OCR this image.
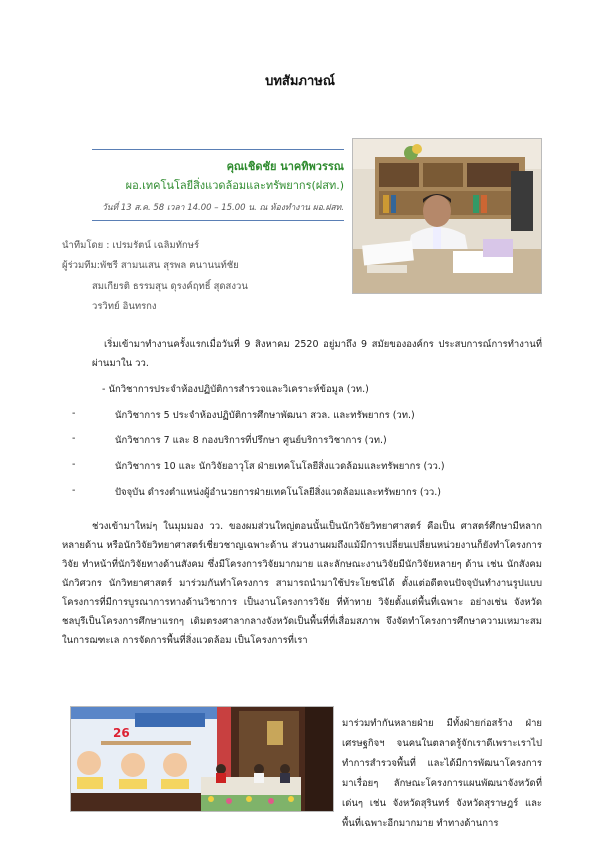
บทสัมภาษณ์
คุณเชิดชัย นาคทิพวรรณ
ผอ.เทคโนโลยีสิ่งแวดล้อมและทรัพยากร(ฝสท.)
วันที่ 13 ส.ค. 58 เวลา 14.00 – 15.00 น. ณ ห้องทำงาน ผอ.ฝสท.
นำทีมโดย : เปรมรัตน์ เฉลิมทักษร์
ผู้ร่วมทีม:พัชรี สามนเสน สุรพล ฅนานนท์ชัย
สมเกียรติ ธรรมสุน ดุรงค์ฤทธิ์ สุดสงวน
วรวิทย์ อินทรกง
เริ่มเข้ามาทำงานครั้งแรกเมื่อวันที่ 9 สิงหาคม 2520 อยู่มาถึง 9 สมัยขององค์กร ประสบการณ์การทำงานที่ผ่านมาใน วว.
- นักวิชาการประจำห้องปฏิบัติการสำรวจและวิเคราะห์ข้อมูล (วท.)
-	นักวิชาการ 5 ประจำห้องปฏิบัติการศึกษาพัฒนา สวล. และทรัพยากร (วท.)
-	นักวิชาการ 7 และ 8 กองบริการที่ปรึกษา ศูนย์บริการวิชาการ (วท.)
-	นักวิชาการ 10 และ นักวิจัยอาวุโส ฝ่ายเทคโนโลยีสิ่งแวดล้อมและทรัพยากร (วว.)
-	ปัจจุบัน ดำรงตำแหน่งผู้อำนวยการฝ่ายเทคโนโลยีสิ่งแวดล้อมและทรัพยากร (วว.)
ช่วงเข้ามาใหม่ๆ ในมุมมอง วว. ของผมส่วนใหญ่ตอนนั้นเป็นนักวิจัยวิทยาศาสตร์ คือเป็น ศาสตร์ศึกษามีหลากหลายด้าน หรือนักวิจัยวิทยาศาสตร์เชี่ยวชาญเฉพาะด้าน ส่วนงานผมถึงแม้มีการเปลี่ยนเปลี่ยนหน่วยงานก็ยังทำโครงการวิจัย ทำหน้าที่นักวิจัยทางด้านสังคม ซึ่งมีโครงการวิจัยมากมาย และลักษณะงานวิจัยมีนักวิจัยหลายๆ ด้าน เช่น นักสังคม นักวิศวกร นักวิทยาศาสตร์ มาร่วมกันทำโครงการ สามารถนำมาใช้ประโยชน์ได้ ตั้งแต่อดีตจนปัจจุบันทำงานรูปแบบโครงการที่มีการบูรณาการทางด้านวิชาการ เป็นงานโครงการวิจัย ที่ท้าทาย วิจัยตั้งแต่พื้นที่เฉพาะ อย่างเช่น จังหวัดชลบุรีเป็นโครงการศึกษาแรกๆ เดิมตรงศาลากลางจังหวัดเป็นพื้นที่ที่เสื่อมสภาพ จึงจัดทำโครงการศึกษาความเหมาะสมในการฌฑะเล การจัดการพื้นที่สิ่งแวดล้อม เป็นโครงการที่เรา
26
มาร่วมทำกันหลายฝ่าย มีทั้งฝ่ายก่อสร้าง ฝ่ายเศรษฐกิจฯ จนคนในตลาดรู้จักเราดีเพราะเราไปทำการสำรวจพื้นที่ และได้มีการพัฒนาโครงการมาเรื่อยๆ ลักษณะโครงการแผนพัฒนาจังหวัดที่เด่นๆ เช่น จังหวัดสุรินทร์ จังหวัดสุราษฎร์ และพื้นที่เฉพาะอีกมากมาย ทำทางด้านการ
